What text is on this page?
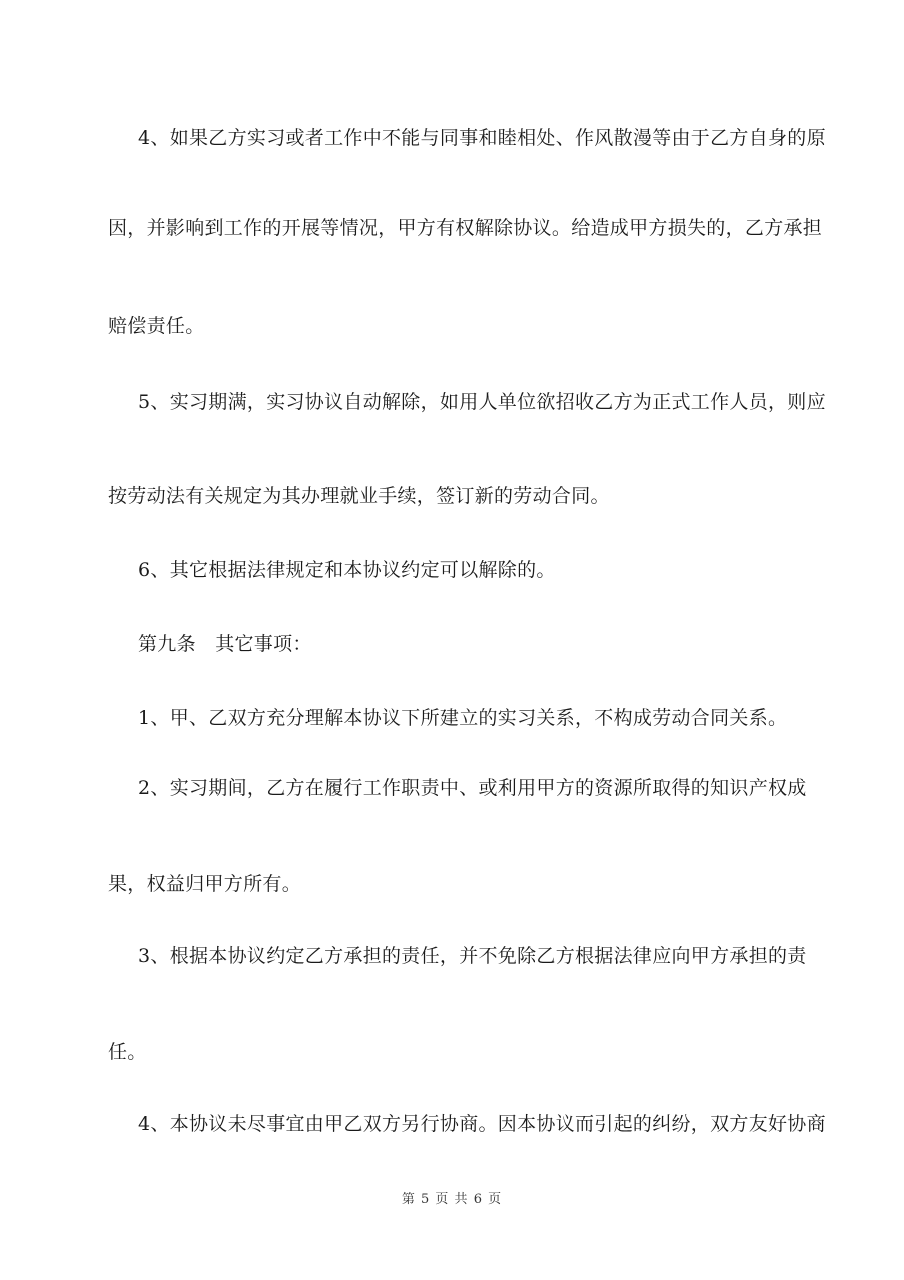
4、如果乙方实习或者工作中不能与同事和睦相处、作风散漫等由于乙方自身的原
因，并影响到工作的开展等情况，甲方有权解除协议。给造成甲方损失的，乙方承担
赔偿责任。
5、实习期满，实习协议自动解除，如用人单位欲招收乙方为正式工作人员，则应
按劳动法有关规定为其办理就业手续，签订新的劳动合同。
6、其它根据法律规定和本协议约定可以解除的。
第九条　其它事项：
1、甲、乙双方充分理解本协议下所建立的实习关系，不构成劳动合同关系。
2、实习期间，乙方在履行工作职责中、或利用甲方的资源所取得的知识产权成
果，权益归甲方所有。
3、根据本协议约定乙方承担的责任，并不免除乙方根据法律应向甲方承担的责
任。
4、本协议未尽事宜由甲乙双方另行协商。因本协议而引起的纠纷，双方友好协商
第 5 页 共 6 页
